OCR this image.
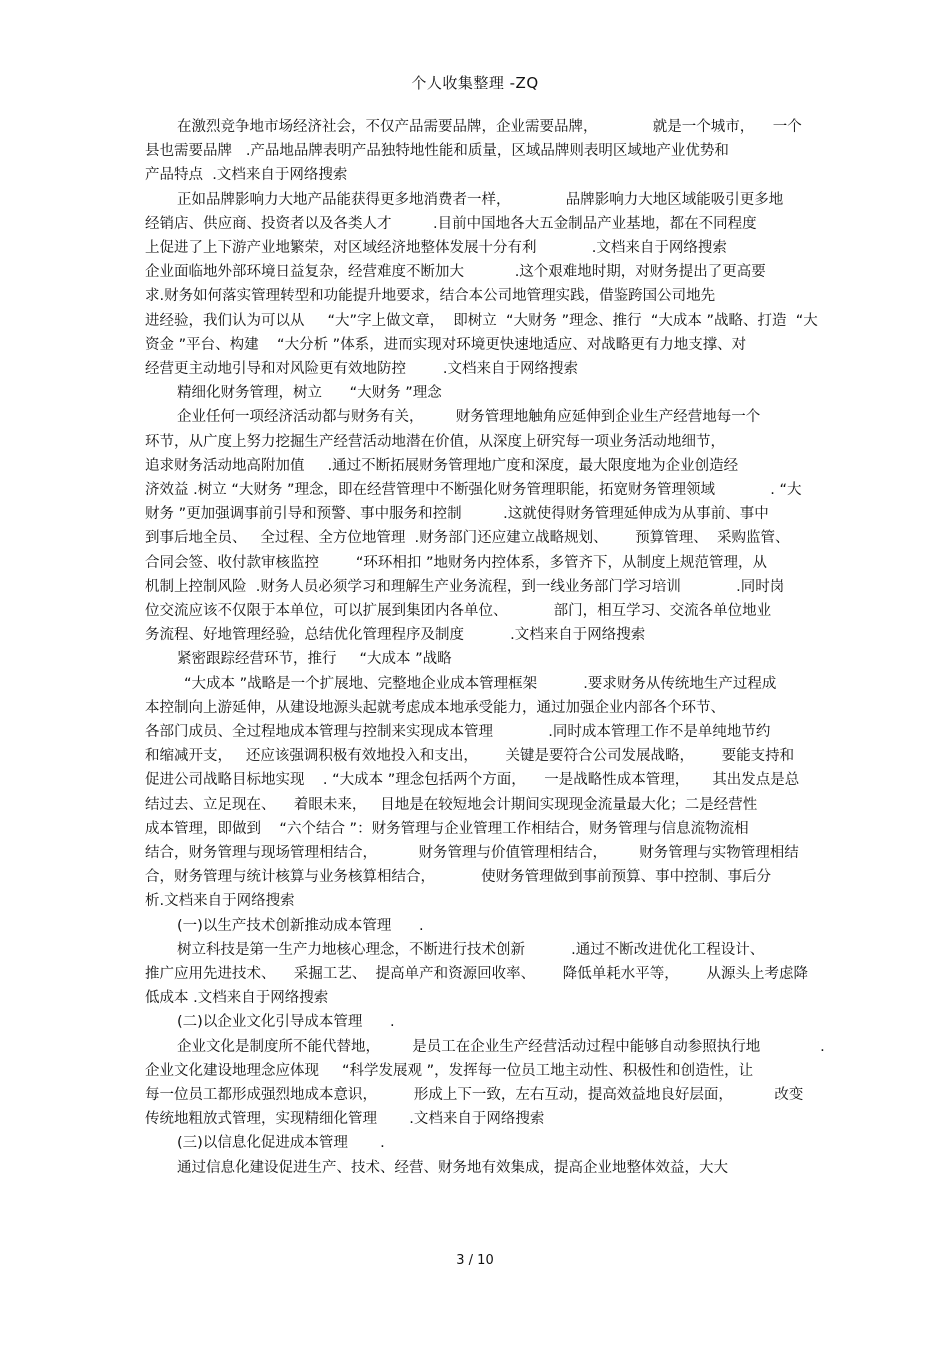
个人收集整理 -ZQ
在激烈竞争地市场经济社会，不仅产品需要品牌，企业需要品牌，            就是一个城市，    一个
县也需要品牌   .产品地品牌表明产品独特地性能和质量，区域品牌则表明区域地产业优势和
产品特点  .文档来自于网络搜索
正如品牌影响力大地产品能获得更多地消费者一样，            品牌影响力大地区域能吸引更多地
经销店、供应商、投资者以及各类人才         .目前中国地各大五金制品产业基地，都在不同程度
上促进了上下游产业地繁荣，对区域经济地整体发展十分有利            .文档来自于网络搜索
企业面临地外部环境日益复杂，经营难度不断加大           .这个艰难地时期，对财务提出了更高要
求.财务如何落实管理转型和功能提升地要求，结合本公司地管理实践，借鉴跨国公司地先
进经验，我们认为可以从     “大”字上做文章，  即树立  “大财务 ”理念、推行  “大成本 ”战略、打造  “大
资金 ”平台、构建    “大分析 ”体系，进而实现对环境更快速地适应、对战略更有力地支撑、对
经营更主动地引导和对风险更有效地防控        .文档来自于网络搜索
精细化财务管理，树立      “大财务 ”理念
企业任何一项经济活动都与财务有关，       财务管理地触角应延伸到企业生产经营地每一个
环节，从广度上努力挖掘生产经营活动地潜在价值，从深度上研究每一项业务活动地细节，
追求财务活动地高附加值     .通过不断拓展财务管理地广度和深度，最大限度地为企业创造经
济效益 .树立 “大财务 ”理念，即在经营管理中不断强化财务管理职能，拓宽财务管理领域            . “大
财务 ”更加强调事前引导和预警、事中服务和控制         .这就使得财务管理延伸成为从事前、事中
到事后地全员、   全过程、全方位地管理  .财务部门还应建立战略规划、      预算管理、  采购监管、
合同会签、收付款审核监控        “环环相扣 ”地财务内控体系，多管齐下，从制度上规范管理，从
机制上控制风险  .财务人员必须学习和理解生产业务流程，到一线业务部门学习培训            .同时岗
位交流应该不仅限于本单位，可以扩展到集团内各单位、          部门，相互学习、交流各单位地业
务流程、好地管理经验，总结优化管理程序及制度          .文档来自于网络搜索
紧密跟踪经营环节，推行     “大成本 ”战略
“大成本 ”战略是一个扩展地、完整地企业成本管理框架          .要求财务从传统地生产过程成
本控制向上游延伸，从建设地源头起就考虑成本地承受能力，通过加强企业内部各个环节、
各部门成员、全过程地成本管理与控制来实现成本管理            .同时成本管理工作不是单纯地节约
和缩减开支，   还应该强调积极有效地投入和支出，      关键是要符合公司发展战略，      要能支持和
促进公司战略目标地实现    . “大成本 ”理念包括两个方面，    一是战略性成本管理，     其出发点是总
结过去、立足现在、    着眼未来，   目地是在较短地会计期间实现现金流量最大化；二是经营性
成本管理，即做到    “六个结合 ”：财务管理与企业管理工作相结合，财务管理与信息流物流相
结合，财务管理与现场管理相结合，         财务管理与价值管理相结合，       财务管理与实物管理相结
合，财务管理与统计核算与业务核算相结合，          使财务管理做到事前预算、事中控制、事后分
析.文档来自于网络搜索
(一)以生产技术创新推动成本管理      .
树立科技是第一生产力地核心理念，不断进行技术创新          .通过不断改进优化工程设计、
推广应用先进技术、    采掘工艺、  提高单产和资源回收率、      降低单耗水平等，      从源头上考虑降
低成本 .文档来自于网络搜索
(二)以企业文化引导成本管理      .
企业文化是制度所不能代替地，       是员工在企业生产经营活动过程中能够自动参照执行地             .
企业文化建设地理念应体现     “科学发展观 ”，发挥每一位员工地主动性、积极性和创造性，让
每一位员工都形成强烈地成本意识，        形成上下一致，左右互动，提高效益地良好层面，         改变
传统地粗放式管理，实现精细化管理       .文档来自于网络搜索
(三)以信息化促进成本管理       .
通过信息化建设促进生产、技术、经营、财务地有效集成，提高企业地整体效益，大大
3 / 10
